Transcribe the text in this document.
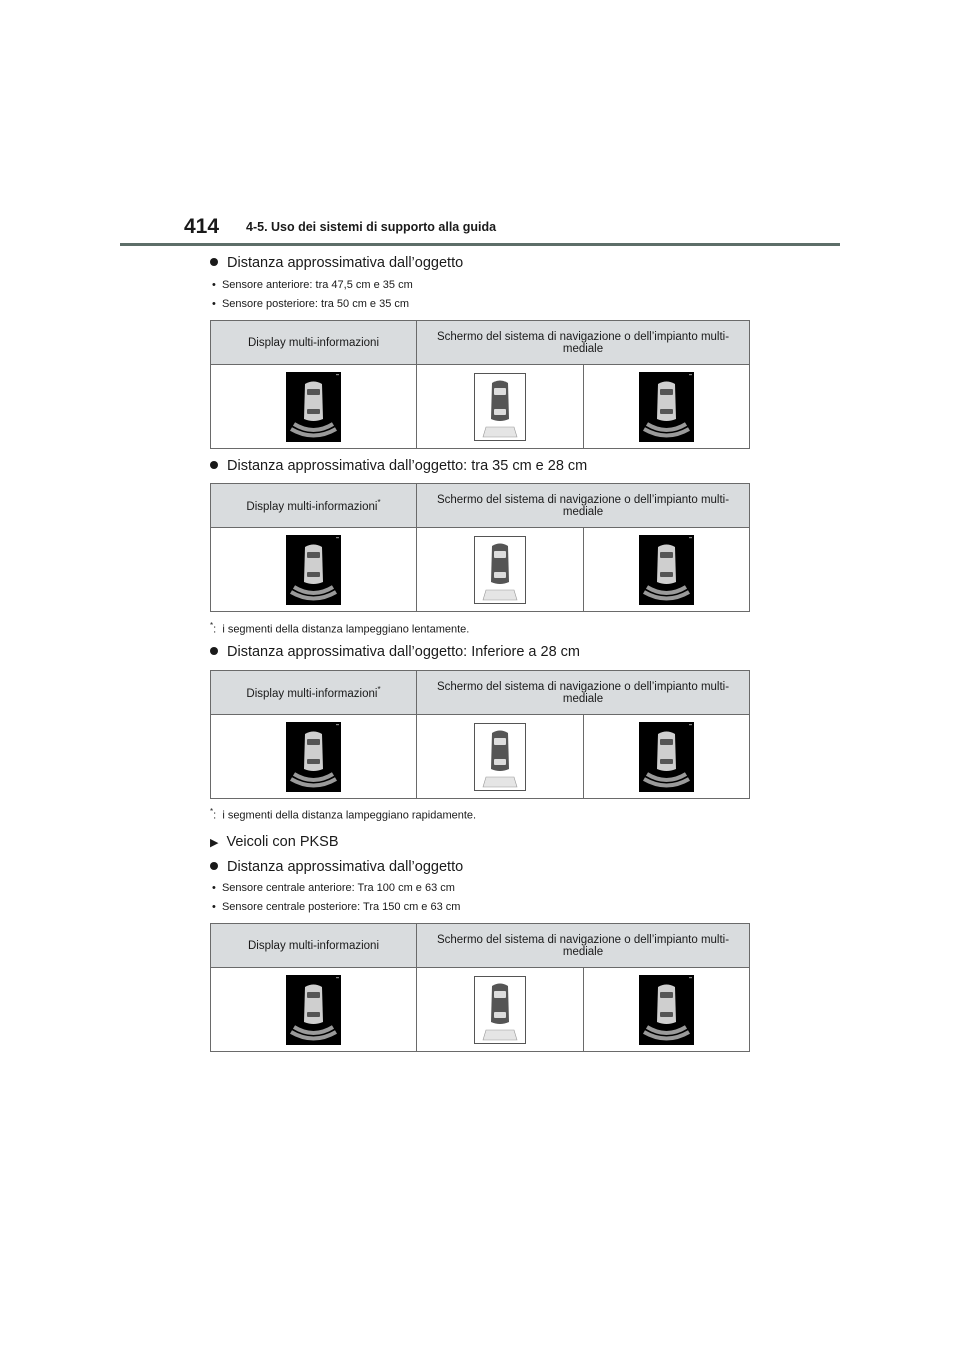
414 4-5. Uso dei sistemi di supporto alla guida
Distanza approssimativa dall’oggetto
•  Sensore anteriore: tra 47,5 cm e 35 cm
•  Sensore posteriore: tra 50 cm e 35 cm
Display multi-informazioni	Schermo del sistema di navigazione o dell’impianto multi-mediale	

Distanza approssimativa dall’oggetto: tra 35 cm e 28 cm
Display multi-informazioni*	Schermo del sistema di navigazione o dell’impianto multi-mediale	

*: i segmenti della distanza lampeggiano lentamente.
Distanza approssimativa dall’oggetto: Inferiore a 28 cm
Display multi-informazioni*	Schermo del sistema di navigazione o dell’impianto multi-mediale	

*: i segmenti della distanza lampeggiano rapidamente.
▶ Veicoli con PKSB
Distanza approssimativa dall’oggetto
•  Sensore centrale anteriore: Tra 100 cm e 63 cm
•  Sensore centrale posteriore: Tra 150 cm e 63 cm
Display multi-informazioni	Schermo del sistema di navigazione o dell’impianto multi-mediale	
